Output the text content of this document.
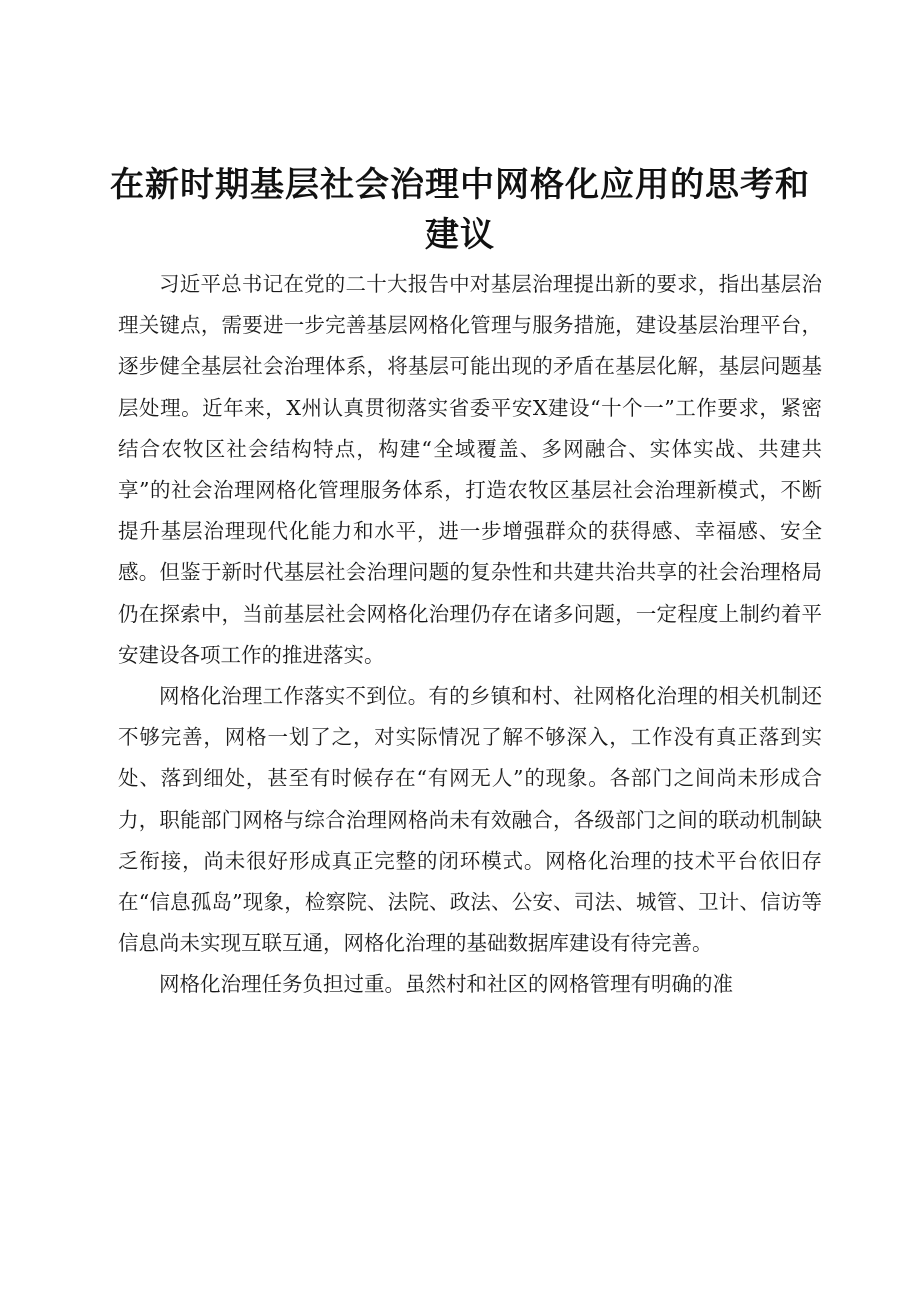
在新时期基层社会治理中网格化应用的思考和
建议

习近平总书记在党的二十大报告中对基层治理提出新的要求，指出基层治理关键点，需要进一步完善基层网格化管理与服务措施，建设基层治理平台，逐步健全基层社会治理体系，将基层可能出现的矛盾在基层化解，基层问题基层处理。近年来，X州认真贯彻落实省委平安X建设“十个一”工作要求，紧密结合农牧区社会结构特点，构建“全域覆盖、多网融合、实体实战、共建共享”的社会治理网格化管理服务体系，打造农牧区基层社会治理新模式，不断提升基层治理现代化能力和水平，进一步增强群众的获得感、幸福感、安全感。但鉴于新时代基层社会治理问题的复杂性和共建共治共享的社会治理格局仍在探索中，当前基层社会网格化治理仍存在诸多问题，一定程度上制约着平安建设各项工作的推进落实。

网格化治理工作落实不到位。有的乡镇和村、社网格化治理的相关机制还不够完善，网格一划了之，对实际情况了解不够深入，工作没有真正落到实处、落到细处，甚至有时候存在“有网无人”的现象。各部门之间尚未形成合力，职能部门网格与综合治理网格尚未有效融合，各级部门之间的联动机制缺乏衔接，尚未很好形成真正完整的闭环模式。网格化治理的技术平台依旧存在“信息孤岛”现象，检察院、法院、政法、公安、司法、城管、卫计、信访等信息尚未实现互联互通，网格化治理的基础数据库建设有待完善。

网格化治理任务负担过重。虽然村和社区的网格管理有明确的准
